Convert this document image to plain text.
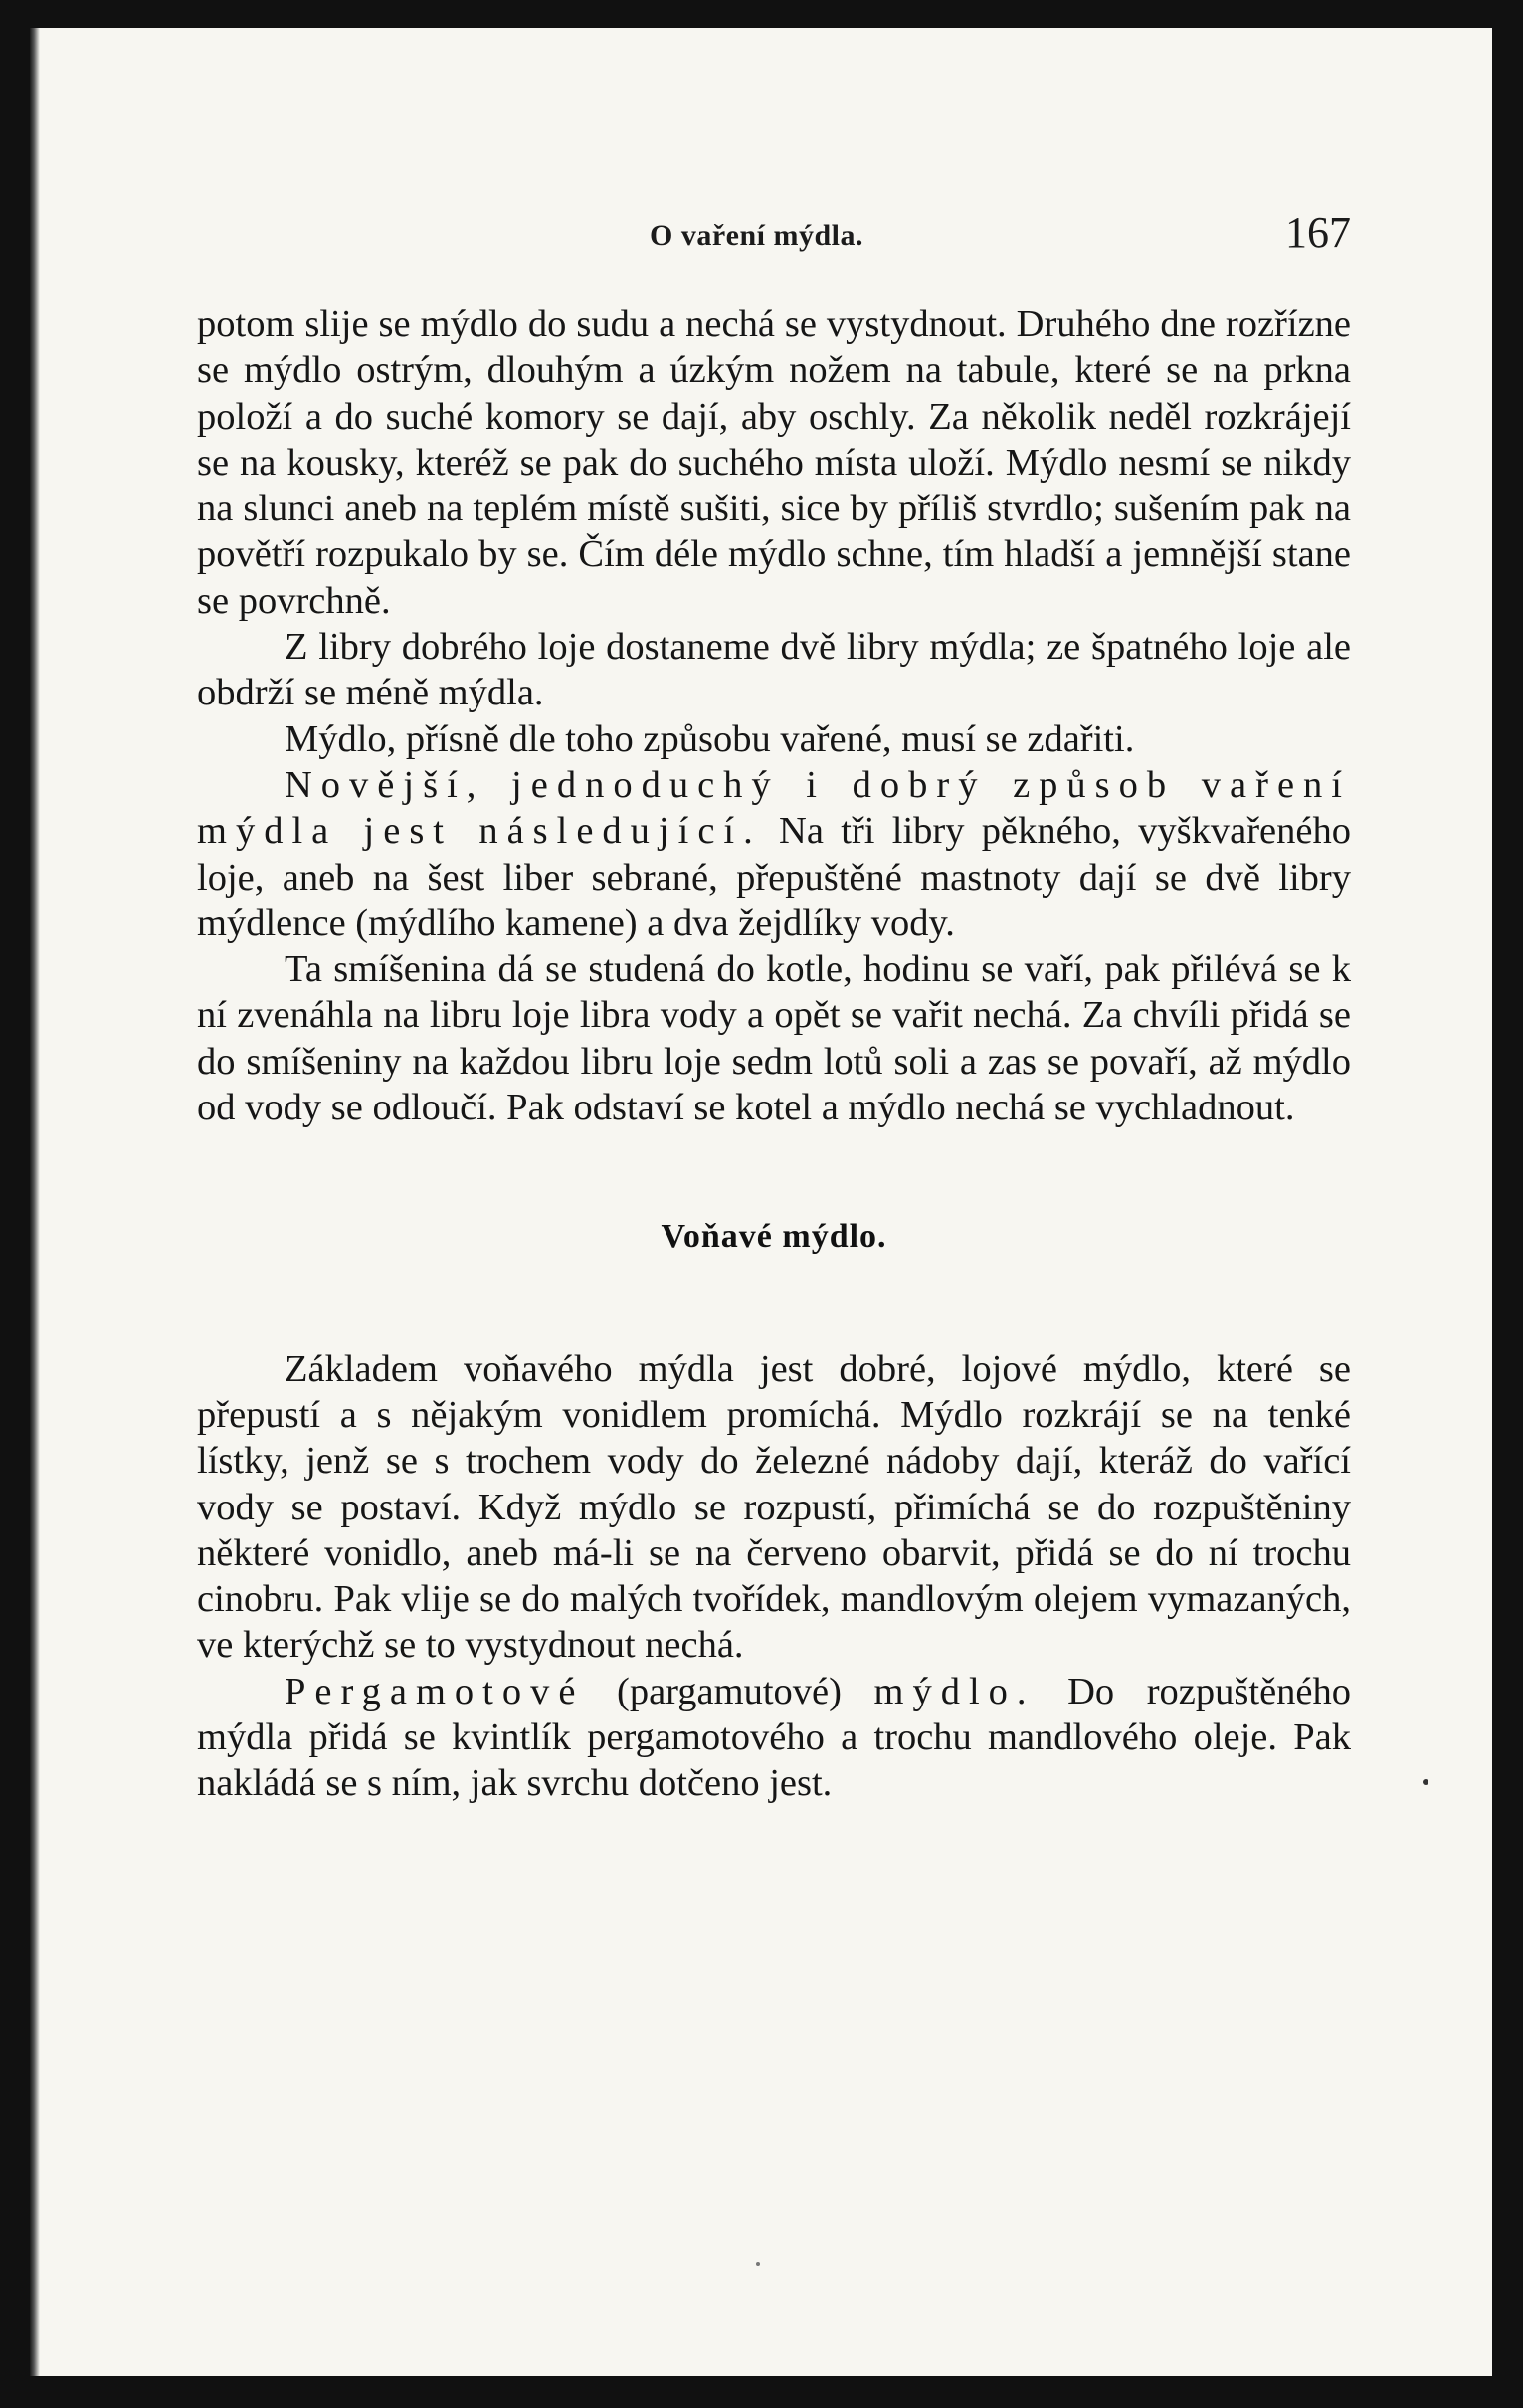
O vaření mýdla.	167

potom slije se mýdlo do sudu a nechá se vystydnout. Druhého dne rozřízne se mýdlo ostrým, dlouhým a úzkým nožem na tabule, které se na prkna položí a do suché komory se dají, aby oschly. Za několik neděl rozkrájejí se na kousky, kteréž se pak do suchého místa uloží. Mýdlo nesmí se nikdy na slunci aneb na teplém místě sušiti, sice by příliš stvrdlo; sušením pak na povětří rozpukalo by se. Čím déle mýdlo schne, tím hladší a jemnější stane se povrchně.

Z libry dobrého loje dostaneme dvě libry mýdla; ze špatného loje ale obdrží se méně mýdla.

Mýdlo, přísně dle toho způsobu vařené, musí se zdařiti.

Novější, jednoduchý i dobrý způsob vaření mýdla jest následující. Na tři libry pěkného, vyškvařeného loje, aneb na šest liber sebrané, přepuštěné mastnoty dají se dvě libry mýdlence (mýdlího kamene) a dva žejdlíky vody.

Ta smíšenina dá se studená do kotle, hodinu se vaří, pak přilévá se k ní zvenáhla na libru loje libra vody a opět se vařit nechá. Za chvíli přidá se do smíšeniny na každou libru loje sedm lotů soli a zas se povaří, až mýdlo od vody se odloučí. Pak odstaví se kotel a mýdlo nechá se vychladnout.

Voňavé mýdlo.

Základem voňavého mýdla jest dobré, lojové mýdlo, které se přepustí a s nějakým vonidlem promíchá. Mýdlo rozkrájí se na tenké lístky, jenž se s trochem vody do železné nádoby dají, kteráž do vařící vody se postaví. Když mýdlo se rozpustí, přimíchá se do rozpuštěniny některé vonidlo, aneb má-li se na červeno obarvit, přidá se do ní trochu cinobru. Pak vlije se do malých tvořídek, mandlovým olejem vymazaných, ve kterýchž se to vystydnout nechá.

Pergamotové (pargamutové) mýdlo. Do rozpuštěného mýdla přidá se kvintlík pergamotového a trochu mandlového oleje. Pak nakládá se s ním, jak svrchu dotčeno jest.
